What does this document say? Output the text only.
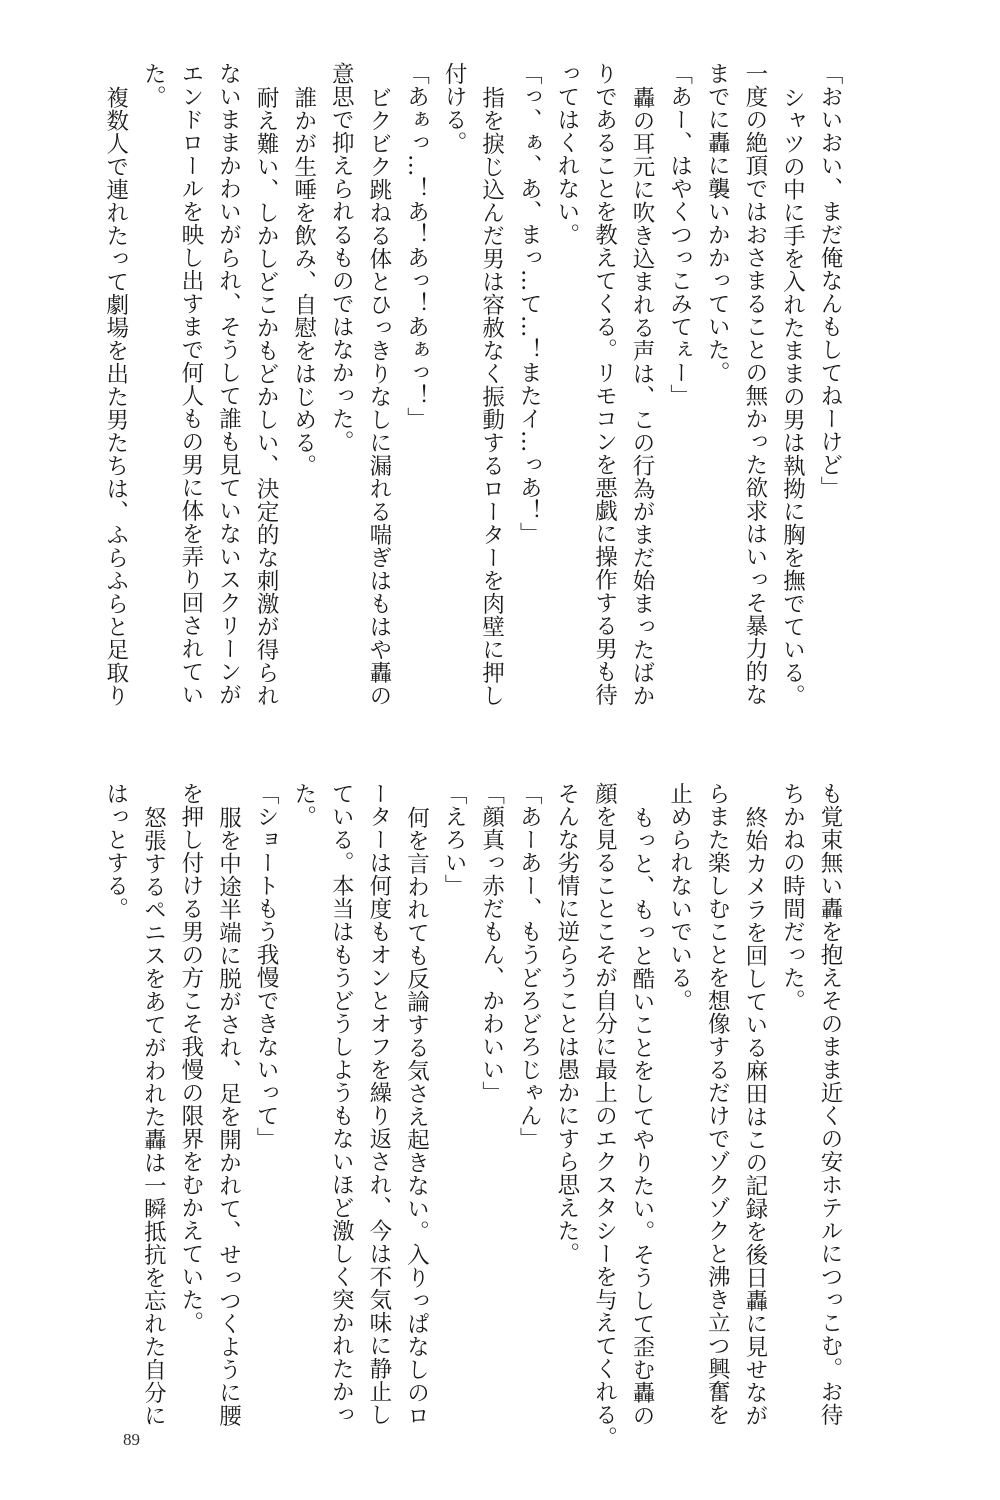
「おいおい、まだ俺なんもしてねーけど」
シャツの中に手を入れたままの男は執拗に胸を撫でている。
一度の絶頂ではおさまることの無かった欲求はいっそ暴力的な
までに轟に襲いかかっていた。
「あー、はやくつっこみてぇー」
轟の耳元に吹き込まれる声は、この行為がまだ始まったばか
りであることを教えてくる。リモコンを悪戯に操作する男も待
ってはくれない。
「っ、ぁ、あ、まっ…て…！またイ…っあ！」
指を捩じ込んだ男は容赦なく振動するローターを肉壁に押し
付ける。
「あぁっ…！あ！あっ！あぁっ！」
ビクビク跳ねる体とひっきりなしに漏れる喘ぎはもはや轟の
意思で抑えられるものではなかった。
誰かが生唾を飲み、自慰をはじめる。
耐え難い、しかしどこかもどかしい、決定的な刺激が得られ
ないままかわいがられ、そうして誰も見ていないスクリーンが
エンドロールを映し出すまで何人もの男に体を弄り回されてい
た。
複数人で連れたって劇場を出た男たちは、ふらふらと足取り
も覚束無い轟を抱えそのまま近くの安ホテルにつっこむ。お待
ちかねの時間だった。
終始カメラを回している麻田はこの記録を後日轟に見せなが
らまた楽しむことを想像するだけでゾクゾクと沸き立つ興奮を
止められないでいる。
もっと、もっと酷いことをしてやりたい。そうして歪む轟の
顔を見ることこそが自分に最上のエクスタシーを与えてくれる。
そんな劣情に逆らうことは愚かにすら思えた。
「あーあー、もうどろどろじゃん」
「顔真っ赤だもん、かわいい」
「えろい」
何を言われても反論する気さえ起きない。入りっぱなしのロ
ーターは何度もオンとオフを繰り返され、今は不気味に静止し
ている。本当はもうどうしようもないほど激しく突かれたかっ
た。
「ショートもう我慢できないって」
服を中途半端に脱がされ、足を開かれて、せっつくように腰
を押し付ける男の方こそ我慢の限界をむかえていた。
怒張するペニスをあてがわれた轟は一瞬抵抗を忘れた自分に
はっとする。
89
